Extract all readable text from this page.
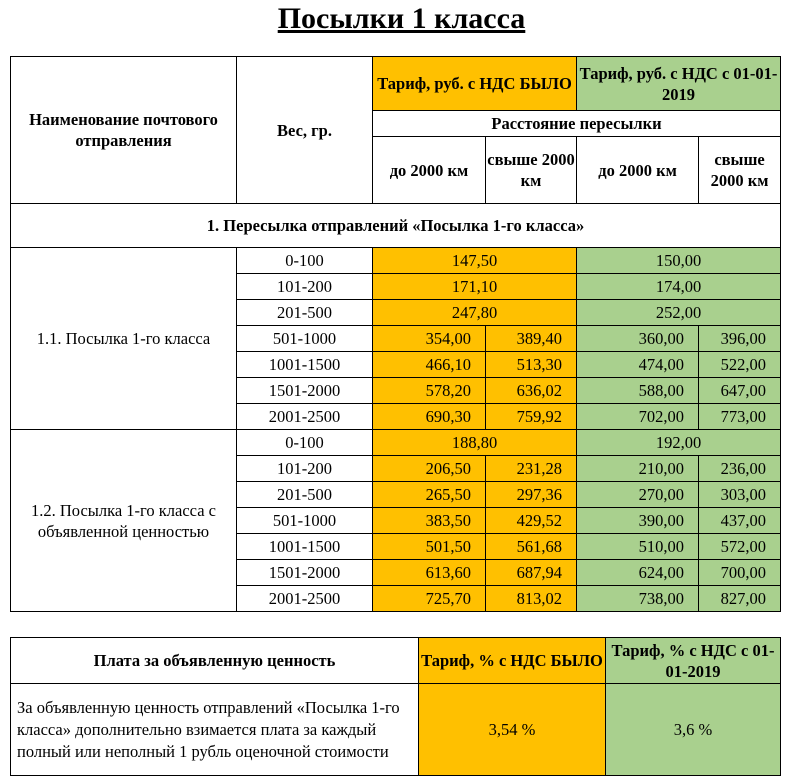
Посылки 1 класса
Наименование почтового отправления	Вес, гр.	Тариф, руб. с НДС БЫЛО		Тариф, руб. с НДС с 01-01-2019	
		Расстояние пересылки			
		до 2000 км	свыше 2000 км	до 2000 км	свыше 2000 км
1. Пересылка отправлений «Посылка 1-го класса»					
1.1. Посылка 1-го класса	0-100	147,50		150,00	
	101-200	171,10		174,00	
	201-500	247,80		252,00	
	501-1000	354,00	389,40	360,00	396,00
	1001-1500	466,10	513,30	474,00	522,00
	1501-2000	578,20	636,02	588,00	647,00
	2001-2500	690,30	759,92	702,00	773,00
1.2. Посылка 1-го класса с объявленной ценностью	0-100	188,80		192,00	
	101-200	206,50	231,28	210,00	236,00
	201-500	265,50	297,36	270,00	303,00
	501-1000	383,50	429,52	390,00	437,00
	1001-1500	501,50	561,68	510,00	572,00
	1501-2000	613,60	687,94	624,00	700,00
	2001-2500	725,70	813,02	738,00	827,00
Плата за объявленную ценность	Тариф, % с НДС БЫЛО	Тариф, % с НДС с 01-01-2019
За объявленную ценность отправлений «Посылка 1-го класса» дополнительно взимается плата за каждый полный или неполный 1 рубль оценочной стоимости	3,54 %	3,6 %
